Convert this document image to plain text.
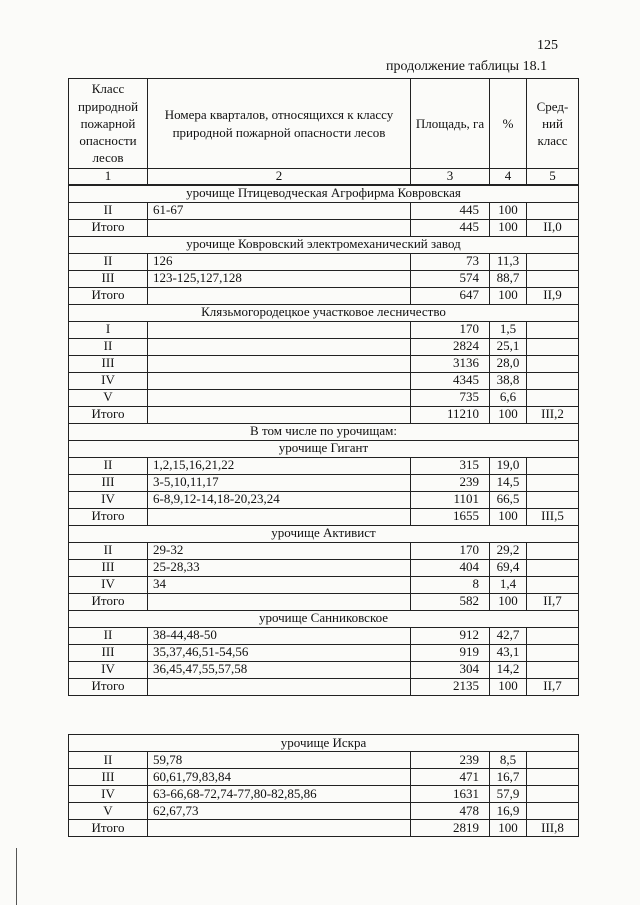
125
продолжение таблицы 18.1
Класс природной пожарной опасности лесов	Номера кварталов, относящихся к классу природной пожарной опасности лесов	Площадь, га	%	Сред-ний класс
1	2	3	4	5
урочище Птицеводческая Агрофирма Ковровская				
II	61-67	445	100	
Итого		445	100	II,0
урочище Ковровский электромеханический завод				
II	126	73	11,3	
III	123-125,127,128	574	88,7	
Итого		647	100	II,9
Клязьмогородецкое участковое лесничество				
I		170	1,5	
II		2824	25,1	
III		3136	28,0	
IV		4345	38,8	
V		735	6,6	
Итого		11210	100	III,2
В том числе по урочищам:				
урочище Гигант				
II	1,2,15,16,21,22	315	19,0	
III	3-5,10,11,17	239	14,5	
IV	6-8,9,12-14,18-20,23,24	1101	66,5	
Итого		1655	100	III,5
урочище Активист				
II	29-32	170	29,2	
III	25-28,33	404	69,4	
IV	34	8	1,4	
Итого		582	100	II,7
урочище Санниковское				
II	38-44,48-50	912	42,7	
III	35,37,46,51-54,56	919	43,1	
IV	36,45,47,55,57,58	304	14,2	
Итого		2135	100	II,7
урочище Искра				
II	59,78	239	8,5	
III	60,61,79,83,84	471	16,7	
IV	63-66,68-72,74-77,80-82,85,86	1631	57,9	
V	62,67,73	478	16,9	
Итого		2819	100	III,8
